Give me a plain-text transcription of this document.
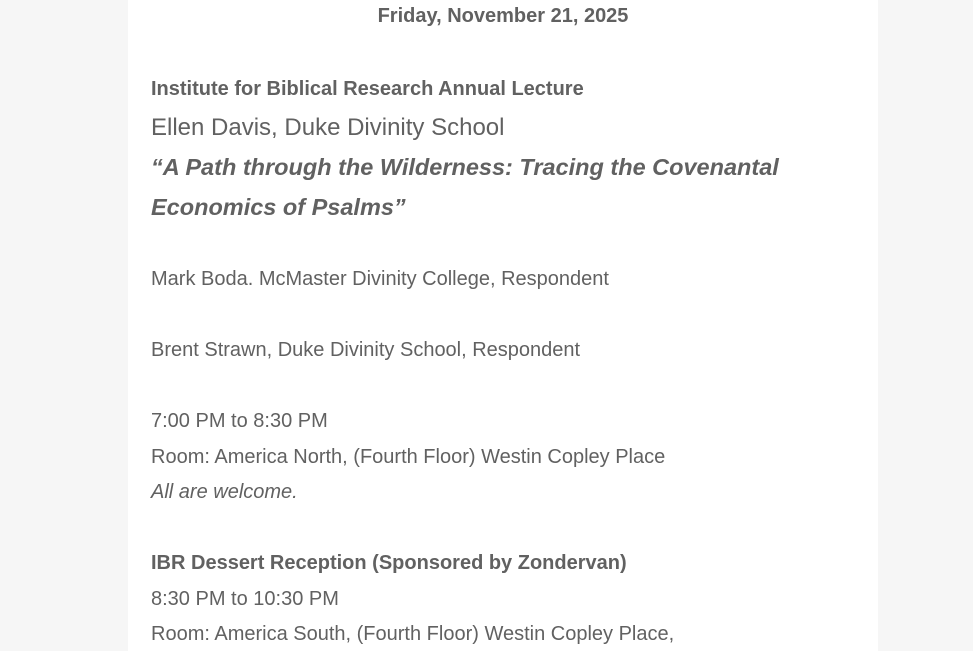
Friday, November 21, 2025
Institute for Biblical Research Annual Lecture
Ellen Davis, Duke Divinity School
“A Path through the Wilderness: Tracing the Covenantal Economics of Psalms”
Mark Boda. McMaster Divinity College, Respondent
Brent Strawn, Duke Divinity School, Respondent
7:00 PM to 8:30 PM
Room: America North, (Fourth Floor) Westin Copley Place
All are welcome.
IBR Dessert Reception (Sponsored by Zondervan)
8:30 PM to 10:30 PM
Room: America South, (Fourth Floor) Westin Copley Place,
